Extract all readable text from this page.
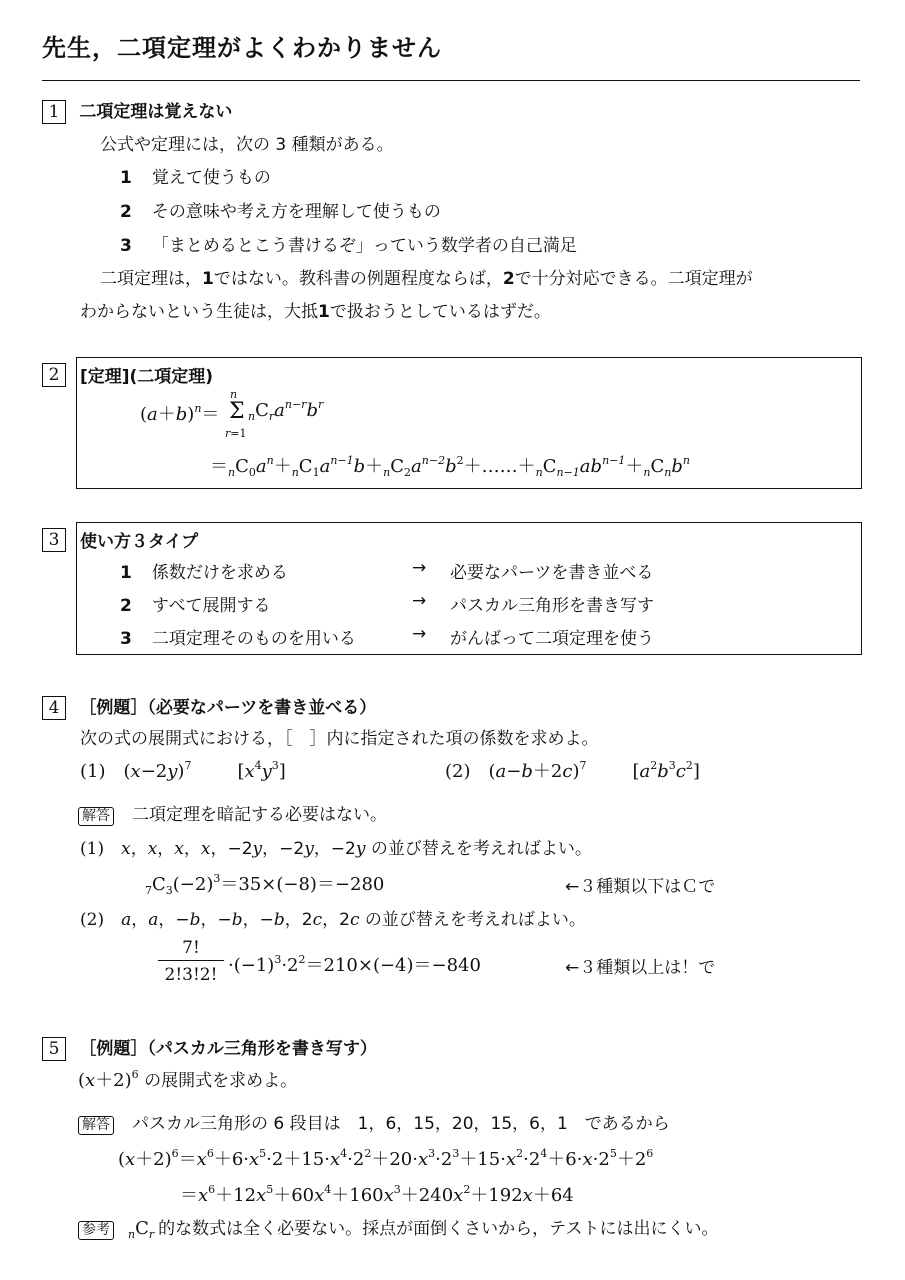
先生，二項定理がよくわかりません
1 二項定理は覚えない
公式や定理には，次の 3 種類がある。
1 覚えて使うもの
2 その意味や考え方を理解して使うもの
3 「まとめるとこう書けるぞ」っていう数学者の自己満足
二項定理は，1ではない。教科書の例題程度ならば，2で十分対応できる。二項定理が
わからないという生徒は，大抵1で扱おうとしているはずだ。
2	[定理](二項定理)
$(a+b)^n=$
n
Σ
r=1
$_nC_ra^{n-r}b^r$
$=_nC_0a^n+_nC_1a^{n-1}b+_nC_2a^{n-2}b^2+\dots\dots+_nC_{n-1}ab^{n-1}+_nC_nb^n$
3	使い方３タイプ
1 係数だけを求める	→ 必要なパーツを書き並べる
2 すべて展開する	→ パスカル三角形を書き写す
3 二項定理そのものを用いる	→ がんばって二項定理を使う
4 ［例題］（必要なパーツを書き並べる）
次の式の展開式における，［　］内に指定された項の係数を求めよ。
(1)　$(x-2y)^7$	$[x^4y^3]$	(2)　$(a-b+2c)^7$	$[a^2b^3c^2]$
解答 二項定理を暗記する必要はない。
(1)　 x，x，x，x，−2y，−2y，−2y の並び替えを考えればよい。
$_7C_3(-2)^3=35\times(-8)=-280$	←３種類以下はＣで
(2)　 a，a，−b，−b，−b，2c，2c の並び替えを考えればよい。
7!
2!3!2! $\cdot(-1)^3\cdot 2^2=210\times(-4)=-840$	←３種類以上は！で
5 ［例題］（パスカル三角形を書き写す）
$(x+2)^6$ の展開式を求めよ。
解答 パスカル三角形の 6 段目は　1，6，15，20，15，6，1　であるから
$(x+2)^6=x^6+6\cdot x^5\cdot 2+15\cdot x^4\cdot 2^2+20\cdot x^3\cdot 2^3+15\cdot x^2\cdot 2^4+6\cdot x\cdot 2^5+2^6$
$=x^6+12x^5+60x^4+160x^3+240x^2+192x+64$
参考 $_nC_r$ 的な数式は全く必要ない。採点が面倒くさいから，テストには出にくい。
